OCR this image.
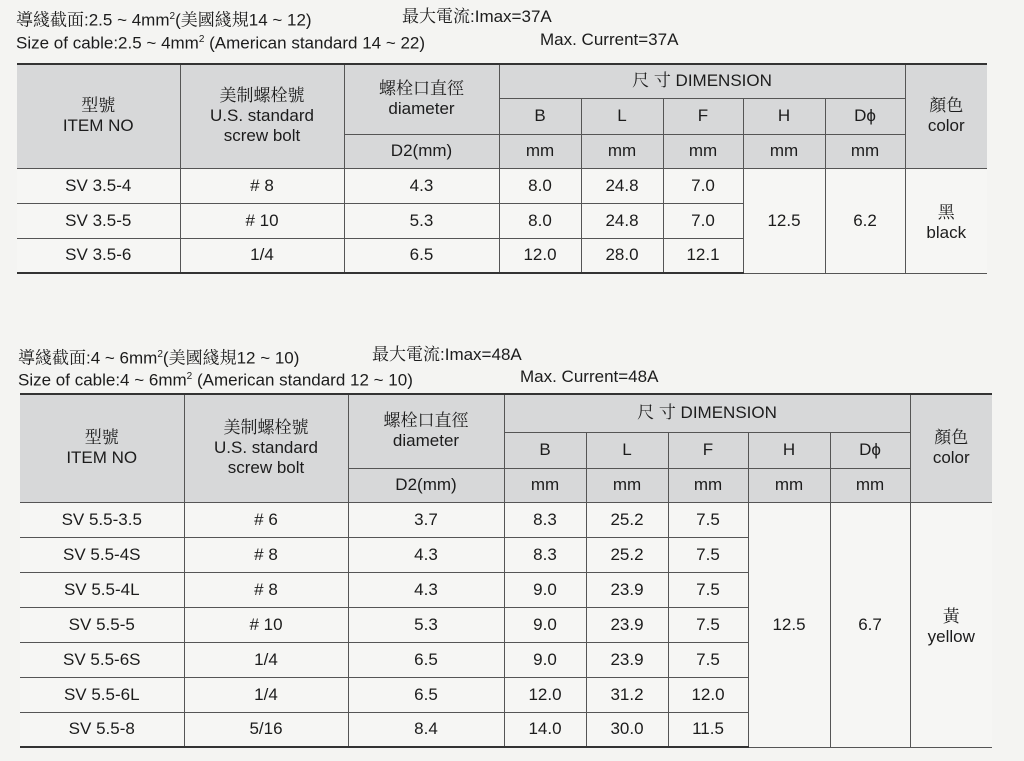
導綫截面:2.5 ~ $4mm^2$(美國綫規14 ~ 12)	最大電流:Imax=37A
Size of cable:2.5 ~ $4mm^2$ (American standard 14 ~ 22)	Max. Current=37A
型號
ITEM NO	美制螺栓號
U.S. standard
screw bolt	螺栓口直徑
diameter	尺 寸 DIMENSION					顏色
color

			B	L	F	H	Dϕ	
		D2(mm)	mm	mm	mm	mm	mm	
SV 3.5-4	# 8	4.3	8.0	24.8	7.0	12.5	6.2	黑
black

SV 3.5-5	# 10	5.3	8.0	24.8	7.0			
SV 3.5-6	1/4	6.5	12.0	28.0	12.1			
導綫截面:4 ~ $6mm^2$(美國綫規12 ~ 10)	最大電流:Imax=48A
Size of cable:4 ~ $6mm^2$ (American standard 12 ~ 10)	Max. Current=48A
型號
ITEM NO	美制螺栓號
U.S. standard
screw bolt	螺栓口直徑
diameter	尺 寸 DIMENSION					顏色
color

			B	L	F	H	Dϕ	
		D2(mm)	mm	mm	mm	mm	mm	
SV 5.5-3.5	# 6	3.7	8.3	25.2	7.5	12.5	6.7	黃
yellow

SV 5.5-4S	# 8	4.3	8.3	25.2	7.5			
SV 5.5-4L	# 8	4.3	9.0	23.9	7.5			
SV 5.5-5	# 10	5.3	9.0	23.9	7.5			
SV 5.5-6S	1/4	6.5	9.0	23.9	7.5			
SV 5.5-6L	1/4	6.5	12.0	31.2	12.0			
SV 5.5-8	5/16	8.4	14.0	30.0	11.5			
